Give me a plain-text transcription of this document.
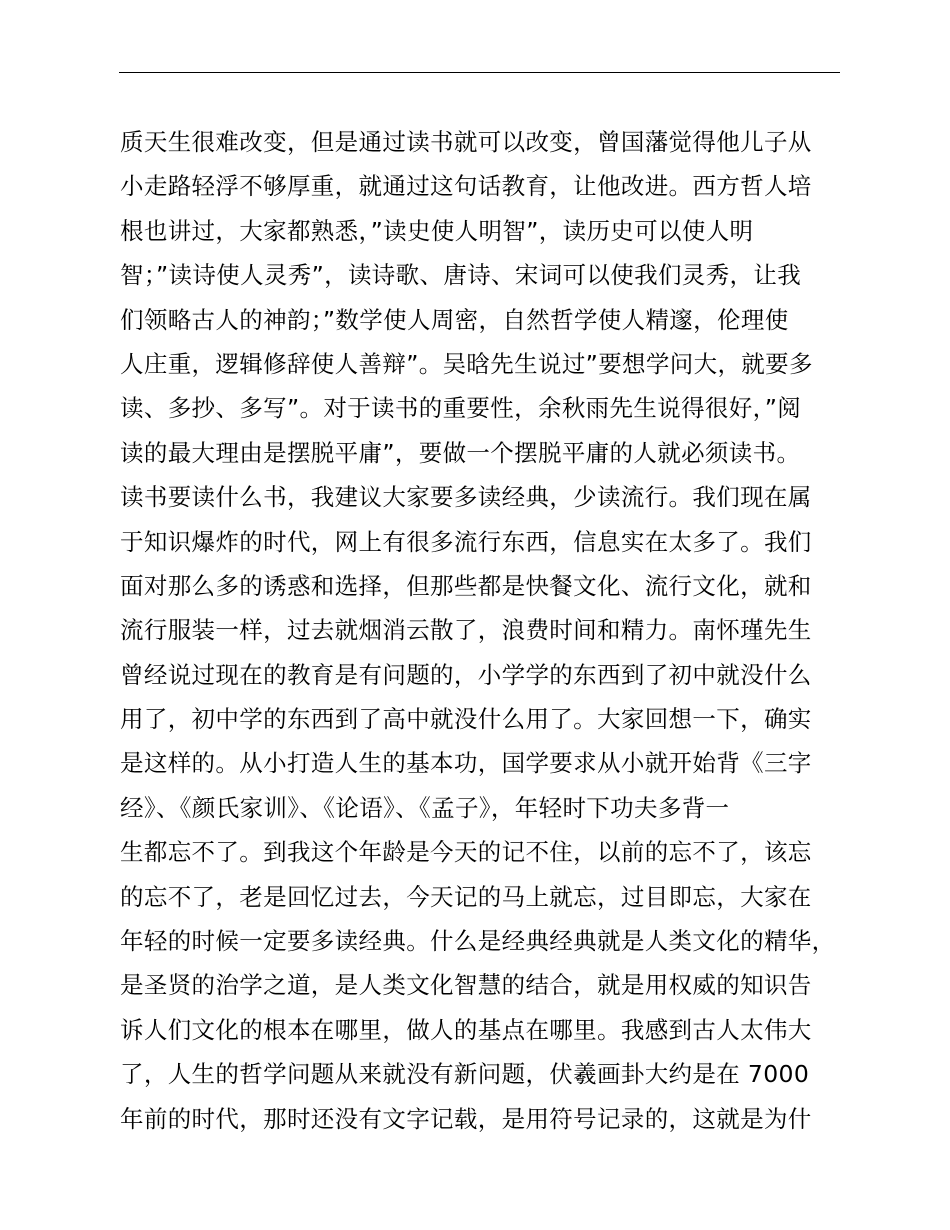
质天生很难改变，但是通过读书就可以改变，曾国藩觉得他儿子从
小走路轻浮不够厚重，就通过这句话教育，让他改进。西方哲人培
根也讲过，大家都熟悉，”读史使人明智”，读历史可以使人明
智；”读诗使人灵秀”，读诗歌、唐诗、宋词可以使我们灵秀，让我
们领略古人的神韵；”数学使人周密，自然哲学使人精邃，伦理使
人庄重，逻辑修辞使人善辩”。吴晗先生说过”要想学问大，就要多
读、多抄、多写”。对于读书的重要性，余秋雨先生说得很好，”阅
读的最大理由是摆脱平庸”，要做一个摆脱平庸的人就必须读书。
读书要读什么书，我建议大家要多读经典，少读流行。我们现在属
于知识爆炸的时代，网上有很多流行东西，信息实在太多了。我们
面对那么多的诱惑和选择，但那些都是快餐文化、流行文化，就和
流行服装一样，过去就烟消云散了，浪费时间和精力。南怀瑾先生
曾经说过现在的教育是有问题的，小学学的东西到了初中就没什么
用了，初中学的东西到了高中就没什么用了。大家回想一下，确实
是这样的。从小打造人生的基本功，国学要求从小就开始背《三字
经》、《颜氏家训》、《论语》、《孟子》，年轻时下功夫多背一
生都忘不了。到我这个年龄是今天的记不住，以前的忘不了，该忘
的忘不了，老是回忆过去，今天记的马上就忘，过目即忘，大家在
年轻的时候一定要多读经典。什么是经典经典就是人类文化的精华，
是圣贤的治学之道，是人类文化智慧的结合，就是用权威的知识告
诉人们文化的根本在哪里，做人的基点在哪里。我感到古人太伟大
了，人生的哲学问题从来就没有新问题，伏羲画卦大约是在 7000
年前的时代，那时还没有文字记载，是用符号记录的，这就是为什
